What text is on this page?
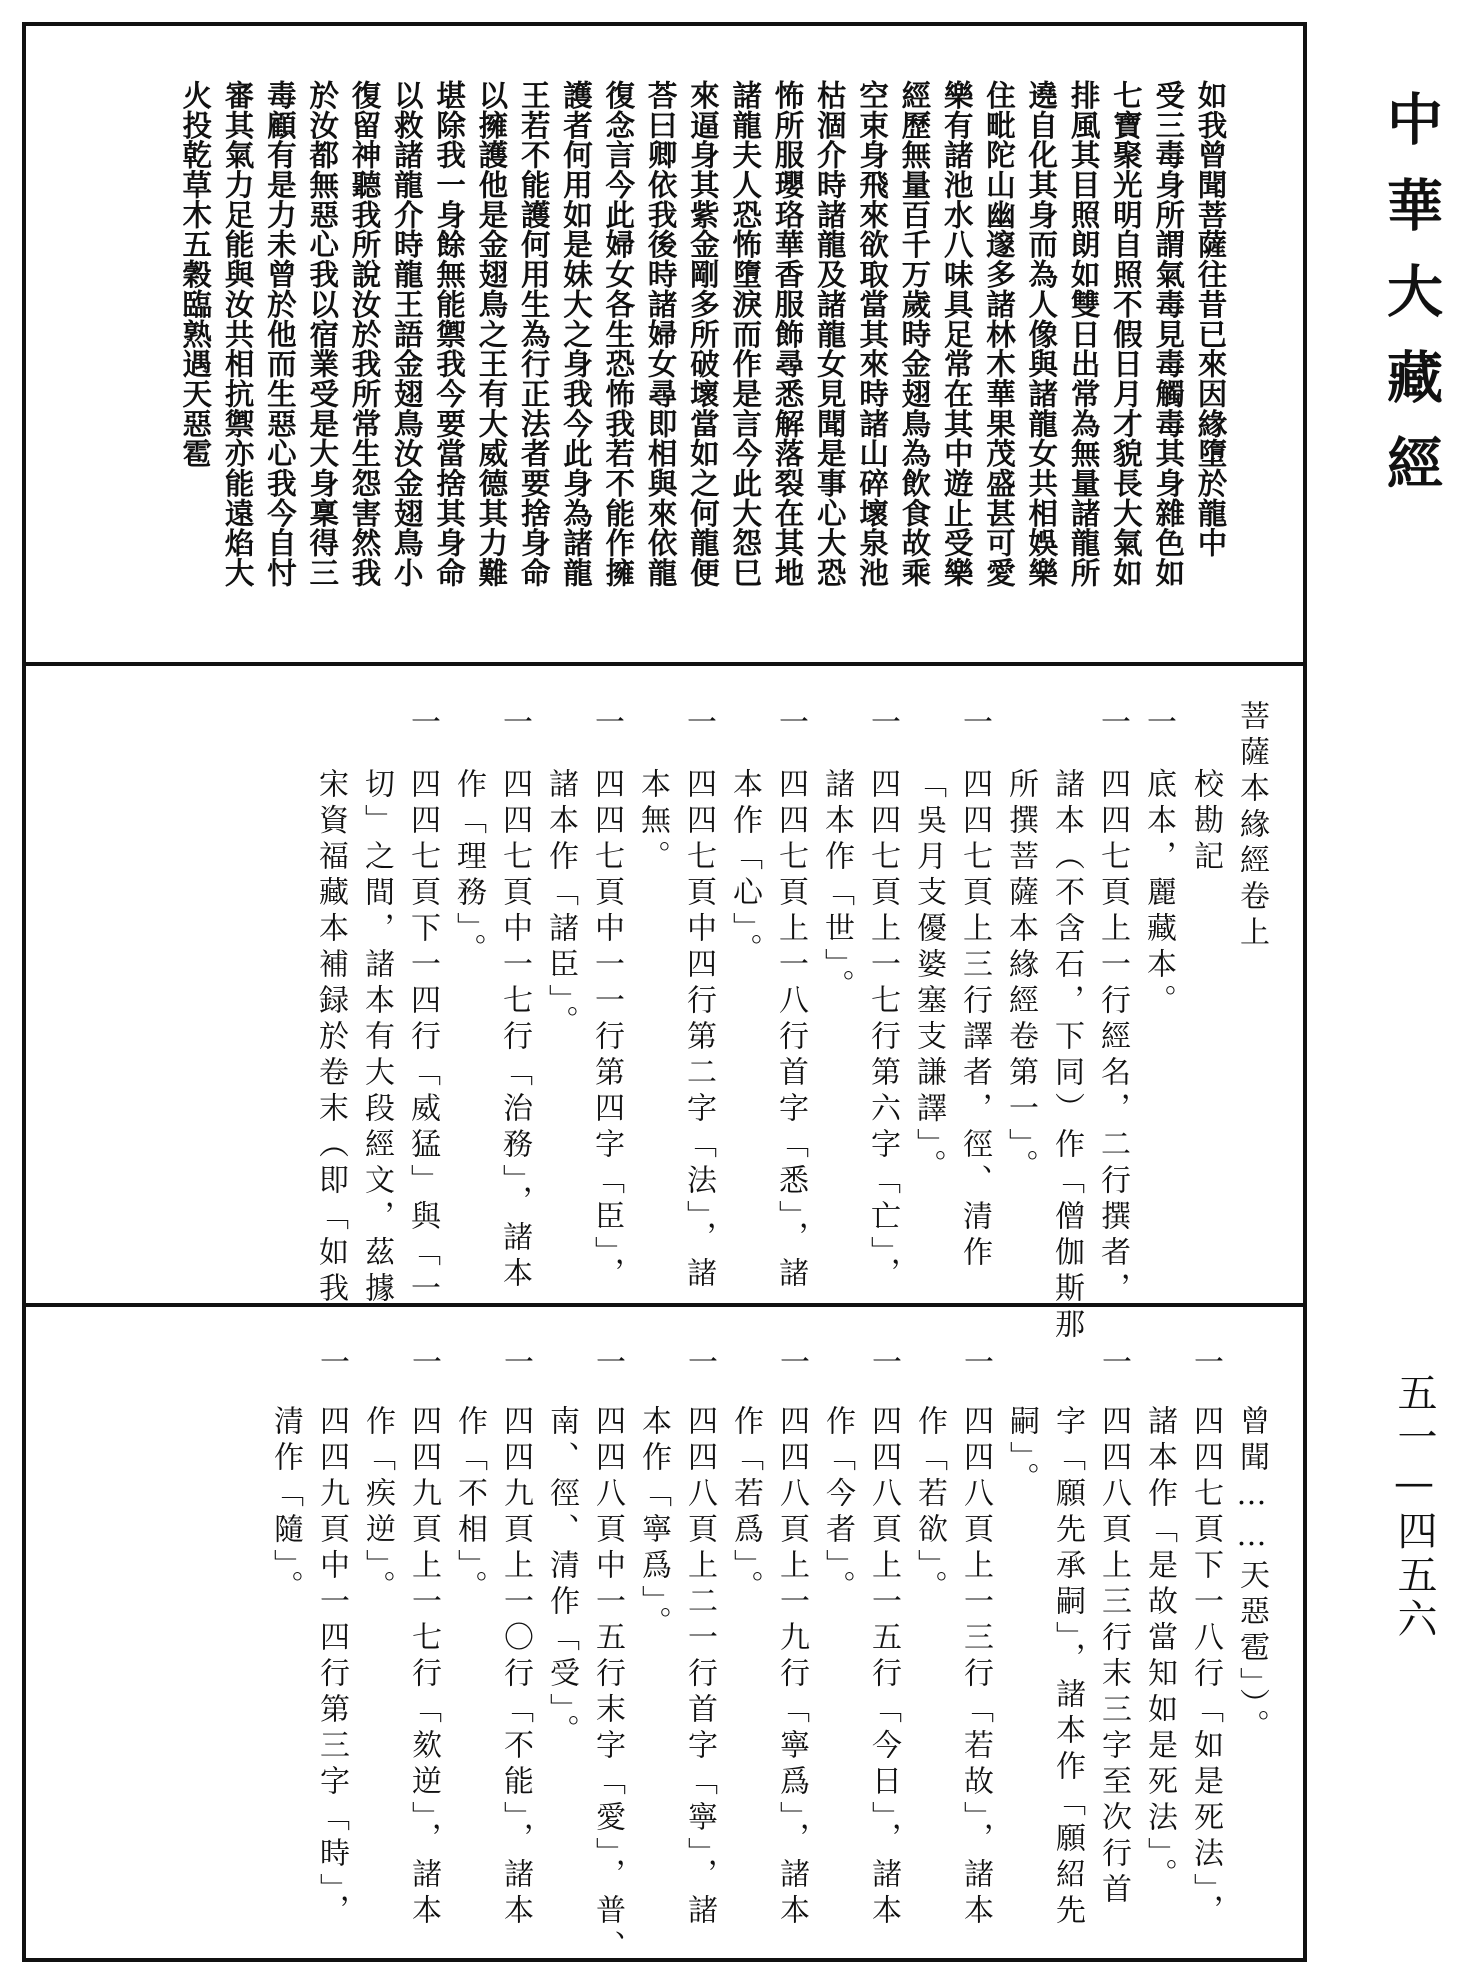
如我曾聞菩薩往昔已來因緣墮於龍中
受三毒身所謂氣毒見毒觸毒其身雜色如
七寶聚光明自照不假日月才貌長大氣如
排風其目照朗如雙日出常為無量諸龍所
遶自化其身而為人像與諸龍女共相娛樂
住毗陀山幽邃多諸林木華果茂盛甚可愛
樂有諸池水八味具足常在其中遊止受樂
經歷無量百千万歲時金翅鳥為飲食故乘
空束身飛來欲取當其來時諸山碎壞泉池
枯涸介時諸龍及諸龍女見聞是事心大恐
怖所服瓔珞華香服飾尋悉解落裂在其地
諸龍夫人恐怖墮淚而作是言今此大怨巳
來逼身其紫金剛多所破壞當如之何龍便
荅曰卿依我後時諸婦女尋即相與來依龍
復念言今此婦女各生恐怖我若不能作擁
護者何用如是妹大之身我今此身為諸龍
王若不能護何用生為行正法者要捨身命
以擁護他是金翅鳥之王有大威德其力難
堪除我一身餘無能禦我今要當捨其身命
以救諸龍介時龍王語金翅鳥汝金翅鳥小
復留神聽我所說汝於我所常生怨害然我
於汝都無惡心我以宿業受是大身稟得三
毒顧有是力未曾於他而生惡心我今自忖
審其氣力足能與汝共相抗禦亦能遠焰大
火投乾草木五穀臨熟遇天惡雹
菩薩本緣經卷上
校勘記
一
底本，麗藏本。
一
四四七頁上一行經名，二行撰者，
諸本（不含石，下同）作「僧伽斯那
所撰菩薩本緣經卷第一」。
一
四四七頁上三行譯者，徑、清作
「吳月支優婆塞支謙譯」。
一
四四七頁上一七行第六字「亡」，
諸本作「世」。
一
四四七頁上一八行首字「悉」，諸
本作「心」。
一
四四七頁中四行第二字「法」，諸
本無。
一
四四七頁中一一行第四字「臣」，
諸本作「諸臣」。
一
四四七頁中一七行「治務」，諸本
作「理務」。
一
四四七頁下一四行「威猛」與「一
切」之間，諸本有大段經文，茲據
宋資福藏本補録於卷末（即「如我
曾聞……天惡雹」）。
一
四四七頁下一八行「如是死法」，
諸本作「是故當知如是死法」。
一
四四八頁上三行末三字至次行首
字「願先承嗣」，諸本作「願紹先
嗣」。
一
四四八頁上一三行「若故」，諸本
作「若欲」。
一
四四八頁上一五行「今日」，諸本
作「今者」。
一
四四八頁上一九行「寧爲」，諸本
作「若爲」。
一
四四八頁上二一行首字「寧」，諸
本作「寧爲」。
一
四四八頁中一五行末字「愛」，普、
南、徑、清作「受」。
一
四四九頁上一〇行「不能」，諸本
作「不相」。
一
四四九頁上一七行「欬逆」，諸本
作「疾逆」。
一
四四九頁中一四行第三字「時」，
清作「隨」。
中華大藏經
五一—四五六
